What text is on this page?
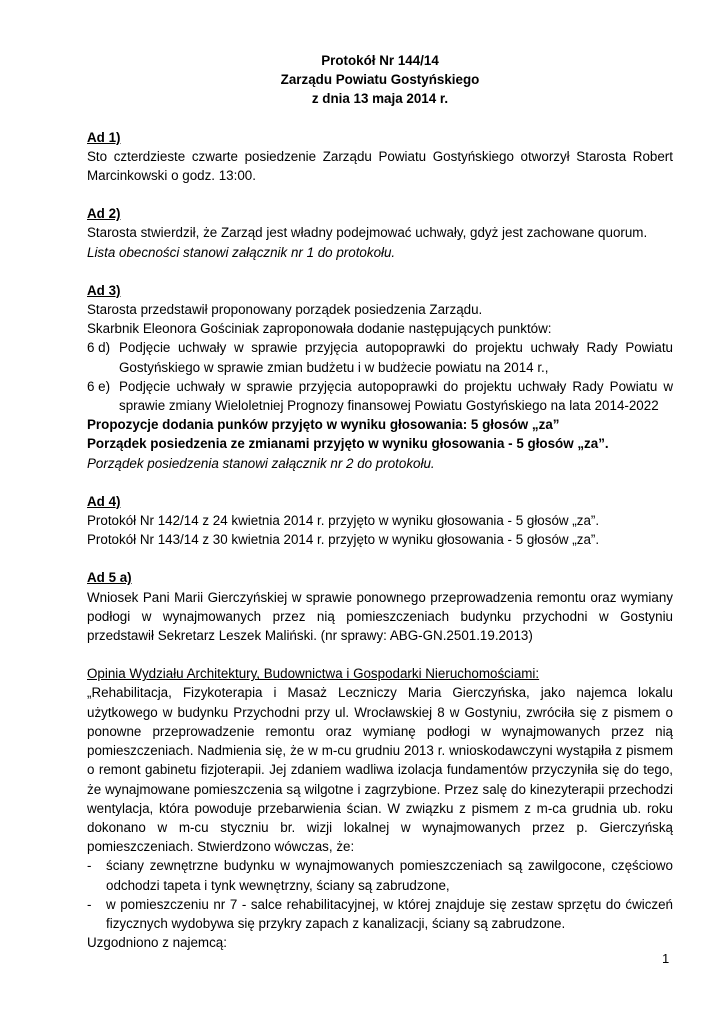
Protokół Nr 144/14
Zarządu Powiatu Gostyńskiego
z dnia 13 maja 2014 r.
Ad 1)
Sto czterdzieste czwarte posiedzenie Zarządu Powiatu Gostyńskiego otworzył Starosta Robert Marcinkowski o godz. 13:00.
Ad 2)
Starosta stwierdził, że Zarząd jest władny podejmować uchwały, gdyż jest zachowane quorum.
Lista obecności stanowi załącznik nr 1 do protokołu.
Ad 3)
Starosta przedstawił proponowany porządek posiedzenia Zarządu.
Skarbnik Eleonora Gościniak zaproponowała dodanie następujących punktów:
6 d) Podjęcie uchwały w sprawie przyjęcia autopoprawki do projektu uchwały Rady Powiatu Gostyńskiego w sprawie zmian budżetu i w budżecie powiatu na 2014 r.,
6 e) Podjęcie uchwały w sprawie przyjęcia autopoprawki do projektu uchwały Rady Powiatu w sprawie zmiany Wieloletniej Prognozy finansowej Powiatu Gostyńskiego na lata 2014-2022
Propozycje dodania punków przyjęto w wyniku głosowania: 5 głosów „za”
Porządek posiedzenia ze zmianami przyjęto w wyniku głosowania - 5 głosów „za”.
Porządek posiedzenia stanowi załącznik nr 2 do protokołu.
Ad 4)
Protokół Nr 142/14 z 24 kwietnia 2014 r. przyjęto w wyniku głosowania - 5 głosów „za”.
Protokół Nr 143/14 z 30 kwietnia 2014 r. przyjęto w wyniku głosowania - 5 głosów „za”.
Ad 5 a)
Wniosek Pani Marii Gierczyńskiej w sprawie ponownego przeprowadzenia remontu oraz wymiany podłogi w wynajmowanych przez nią pomieszczeniach budynku przychodni w Gostyniu przedstawił Sekretarz Leszek Maliński. (nr sprawy: ABG-GN.2501.19.2013)
Opinia Wydziału Architektury, Budownictwa i Gospodarki Nieruchomościami:
„Rehabilitacja, Fizykoterapia i Masaż Leczniczy Maria Gierczyńska, jako najemca lokalu użytkowego w budynku Przychodni przy ul. Wrocławskiej 8 w Gostyniu, zwróciła się z pismem o ponowne przeprowadzenie remontu oraz wymianę podłogi w wynajmowanych przez nią pomieszczeniach. Nadmienia się, że w m-cu grudniu 2013 r. wnioskodawczyni wystąpiła z pismem o remont gabinetu fizjoterapii. Jej zdaniem wadliwa izolacja fundamentów przyczyniła się do tego, że wynajmowane pomieszczenia są wilgotne i zagrzybione. Przez salę do kinezyterapii przechodzi wentylacja, która powoduje przebarwienia ścian. W związku z pismem z m-ca grudnia ub. roku dokonano w m-cu styczniu br. wizji lokalnej w wynajmowanych przez p. Gierczyńską pomieszczeniach. Stwierdzono wówczas, że:
-	ściany zewnętrzne budynku w wynajmowanych pomieszczeniach są zawilgocone, częściowo odchodzi tapeta i tynk wewnętrzny, ściany są zabrudzone,
-	w pomieszczeniu nr 7 - salce rehabilitacyjnej, w której znajduje się zestaw sprzętu do ćwiczeń fizycznych wydobywa się przykry zapach z kanalizacji, ściany są zabrudzone.
Uzgodniono z najemcą:
1
